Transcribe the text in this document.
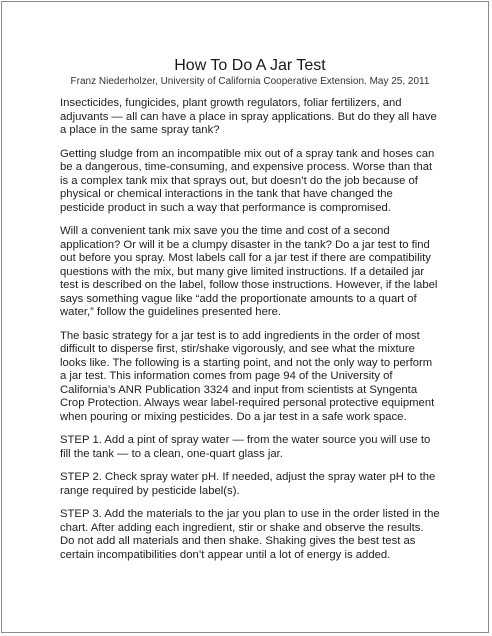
How To Do A Jar Test

Franz Niederholzer, University of California Cooperative Extension. May 25, 2011

Insecticides, fungicides, plant growth regulators, foliar fertilizers, and adjuvants — all can have a place in spray applications. But do they all have a place in the same spray tank?

Getting sludge from an incompatible mix out of a spray tank and hoses can be a dangerous, time-consuming, and expensive process. Worse than that is a complex tank mix that sprays out, but doesn’t do the job because of physical or chemical interactions in the tank that have changed the pesticide product in such a way that performance is compromised.

Will a convenient tank mix save you the time and cost of a second application? Or will it be a clumpy disaster in the tank? Do a jar test to find out before you spray. Most labels call for a jar test if there are compatibility questions with the mix, but many give limited instructions. If a detailed jar test is described on the label, follow those instructions. However, if the label says something vague like “add the proportionate amounts to a quart of water,” follow the guidelines presented here.

The basic strategy for a jar test is to add ingredients in the order of most difficult to disperse first, stir/shake vigorously, and see what the mixture looks like. The following is a starting point, and not the only way to perform a jar test. This information comes from page 94 of the University of California’s ANR Publication 3324 and input from scientists at Syngenta Crop Protection. Always wear label-required personal protective equipment when pouring or mixing pesticides. Do a jar test in a safe work space.

STEP 1. Add a pint of spray water — from the water source you will use to fill the tank — to a clean, one-quart glass jar.

STEP 2. Check spray water pH. If needed, adjust the spray water pH to the range required by pesticide label(s).

STEP 3. Add the materials to the jar you plan to use in the order listed in the chart. After adding each ingredient, stir or shake and observe the results. Do not add all materials and then shake. Shaking gives the best test as certain incompatibilities don’t appear until a lot of energy is added.
